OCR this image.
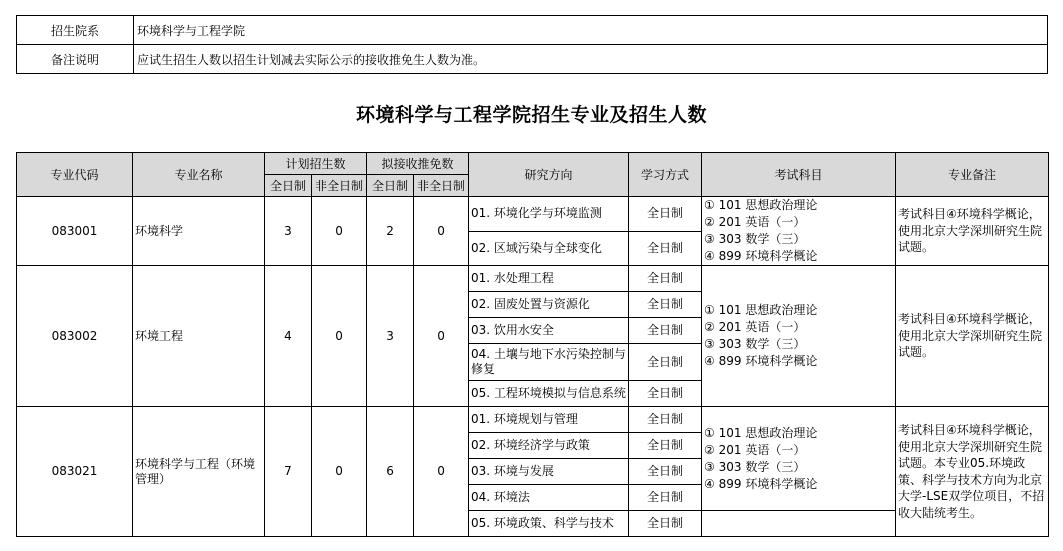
招生院系	环境科学与工程学院
备注说明	应试生招生人数以招生计划减去实际公示的接收推免生人数为准。
环境科学与工程学院招生专业及招生人数
专业代码	专业名称	计划招生数		拟接收推免数		研究方向	学习方式	考试科目	专业备注
		全日制	非全日制	全日制	非全日制				
083001	环境科学	3	0	2	0	01. 环境化学与环境监测	全日制	① 101 思想政治理论
② 201 英语（一）
③ 303 数学（三）
④ 899 环境科学概论	考试科目④环境科学概论，使用北京大学深圳研究生院试题。
						02. 区域污染与全球变化	全日制		
083002	环境工程	4	0	3	0	01. 水处理工程	全日制	① 101 思想政治理论
② 201 英语（一）
③ 303 数学（三）
④ 899 环境科学概论	考试科目④环境科学概论，使用北京大学深圳研究生院试题。
						02. 固废处置与资源化	全日制		
						03. 饮用水安全	全日制		
						04. 土壤与地下水污染控制与修复	全日制		
						05. 工程环境模拟与信息系统	全日制		
083021	环境科学与工程（环境管理）	7	0	6	0	01. 环境规划与管理	全日制	① 101 思想政治理论
② 201 英语（一）
③ 303 数学（三）
④ 899 环境科学概论	考试科目④环境科学概论，使用北京大学深圳研究生院试题。本专业05.环境政策、科学与技术方向为北京大学-LSE双学位项目，不招收大陆统考生。
						02. 环境经济学与政策	全日制		
						03. 环境与发展	全日制		
						04. 环境法	全日制		
						05. 环境政策、科学与技术	全日制		
